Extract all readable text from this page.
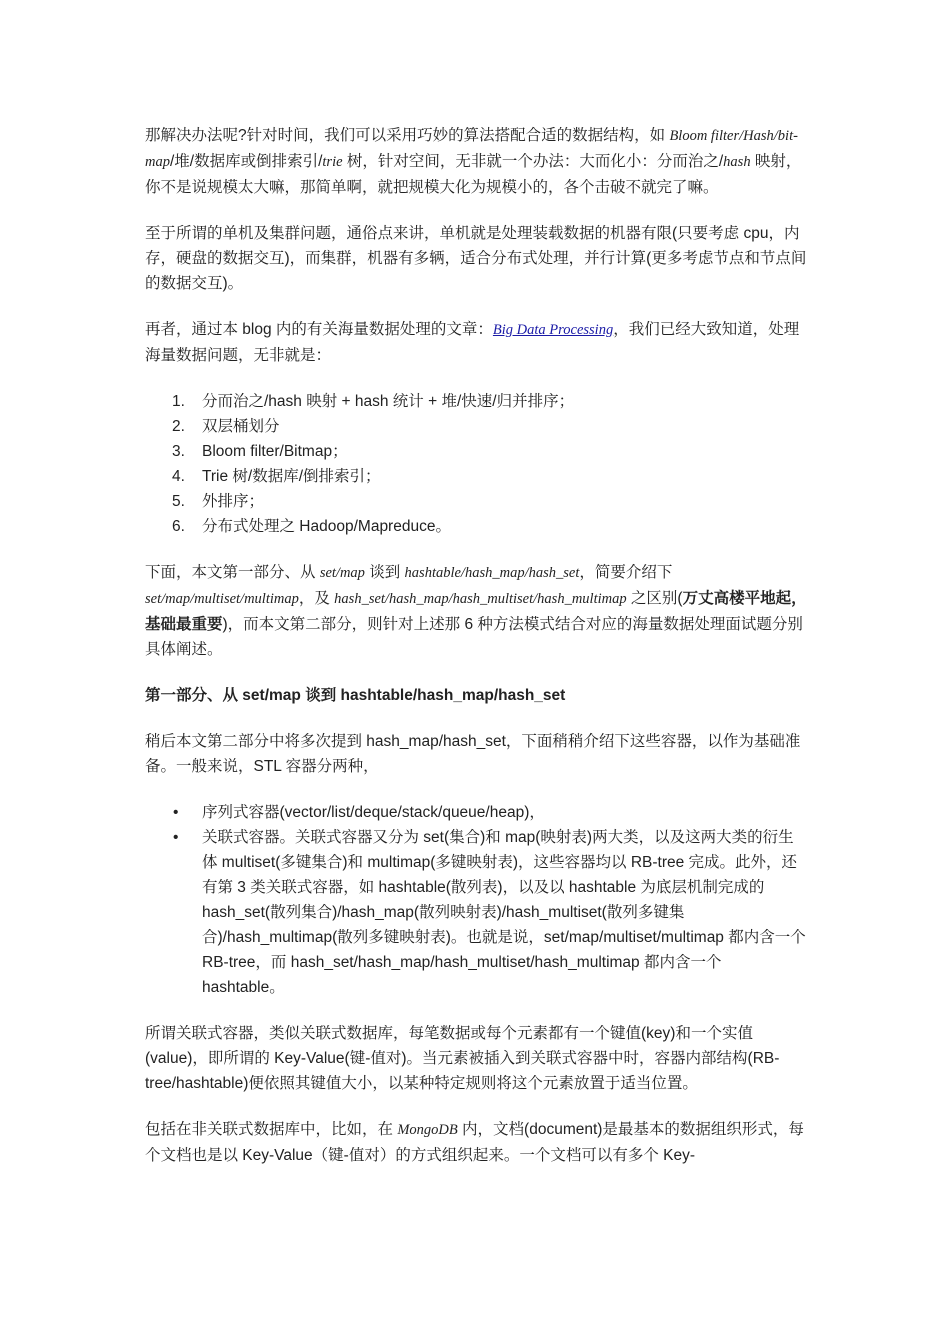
那解决办法呢?针对时间，我们可以采用巧妙的算法搭配合适的数据结构，如 Bloom filter/Hash/bit-map/堆/数据库或倒排索引/trie 树，针对空间，无非就一个办法：大而化小：分而治之/hash 映射，你不是说规模太大嘛，那简单啊，就把规模大化为规模小的，各个击破不就完了嘛。

至于所谓的单机及集群问题，通俗点来讲，单机就是处理装载数据的机器有限(只要考虑 cpu，内存，硬盘的数据交互)，而集群，机器有多辆，适合分布式处理，并行计算(更多考虑节点和节点间的数据交互)。

再者，通过本 blog 内的有关海量数据处理的文章：Big Data Processing，我们已经大致知道，处理海量数据问题，无非就是：

1. 分而治之/hash 映射 + hash 统计 + 堆/快速/归并排序；
2. 双层桶划分
3. Bloom filter/Bitmap；
4. Trie 树/数据库/倒排索引；
5. 外排序；
6. 分布式处理之 Hadoop/Mapreduce。

下面，本文第一部分、从 set/map 谈到 hashtable/hash_map/hash_set，简要介绍下 set/map/multiset/multimap，及 hash_set/hash_map/hash_multiset/hash_multimap 之区别(万丈高楼平地起，基础最重要)，而本文第二部分，则针对上述那 6 种方法模式结合对应的海量数据处理面试题分别具体阐述。

第一部分、从 set/map 谈到 hashtable/hash_map/hash_set

稍后本文第二部分中将多次提到 hash_map/hash_set，下面稍稍介绍下这些容器，以作为基础准备。一般来说，STL 容器分两种，

• 序列式容器(vector/list/deque/stack/queue/heap)，
• 关联式容器。关联式容器又分为 set(集合)和 map(映射表)两大类，以及这两大类的衍生体 multiset(多键集合)和 multimap(多键映射表)，这些容器均以 RB-tree 完成。此外，还有第 3 类关联式容器，如 hashtable(散列表)，以及以 hashtable 为底层机制完成的 hash_set(散列集合)/hash_map(散列映射表)/hash_multiset(散列多键集合)/hash_multimap(散列多键映射表)。也就是说，set/map/multiset/multimap 都内含一个 RB-tree，而 hash_set/hash_map/hash_multiset/hash_multimap 都内含一个 hashtable。

所谓关联式容器，类似关联式数据库，每笔数据或每个元素都有一个键值(key)和一个实值(value)，即所谓的 Key-Value(键-值对)。当元素被插入到关联式容器中时，容器内部结构(RB-tree/hashtable)便依照其键值大小，以某种特定规则将这个元素放置于适当位置。

包括在非关联式数据库中，比如，在 MongoDB 内，文档(document)是最基本的数据组织形式，每个文档也是以 Key-Value（键-值对）的方式组织起来。一个文档可以有多个 Key-
